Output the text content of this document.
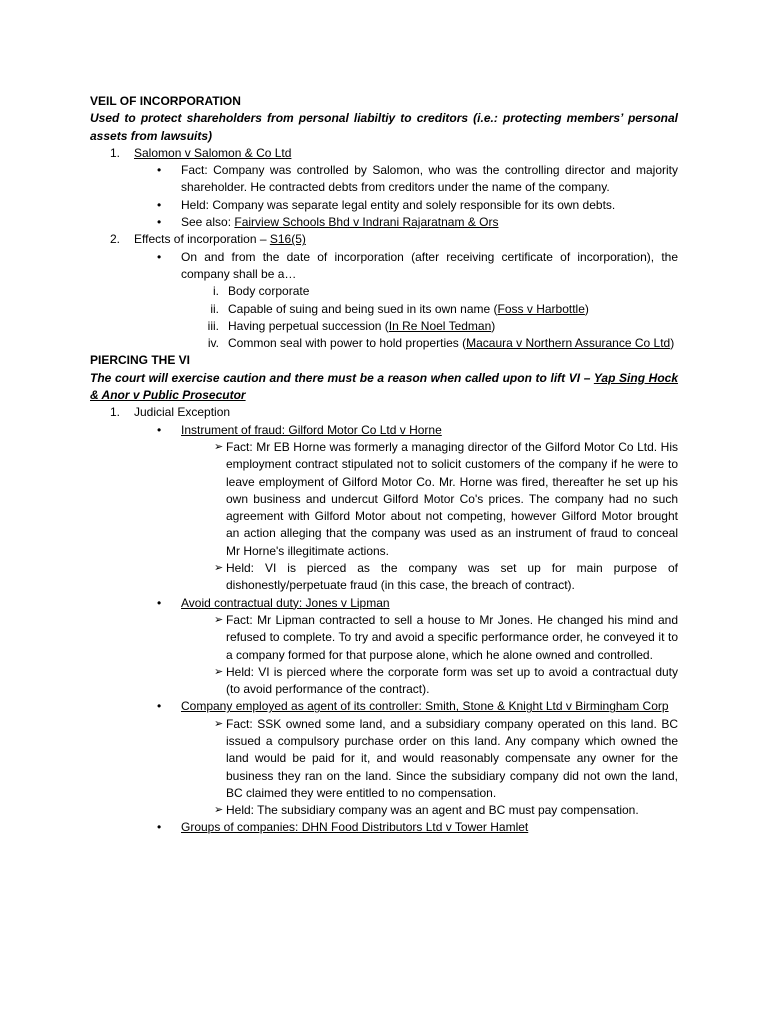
VEIL OF INCORPORATION

Used to protect shareholders from personal liabiltiy to creditors (i.e.: protecting members’ personal assets from lawsuits)

1. Salomon v Salomon & Co Ltd
• Fact: Company was controlled by Salomon, who was the controlling director and majority shareholder. He contracted debts from creditors under the name of the company.
• Held: Company was separate legal entity and solely responsible for its own debts.
• See also: Fairview Schools Bhd v Indrani Rajaratnam & Ors
2. Effects of incorporation – S16(5)
• On and from the date of incorporation (after receiving certificate of incorporation), the company shall be a…
i. Body corporate
ii. Capable of suing and being sued in its own name (Foss v Harbottle)
iii. Having perpetual succession (In Re Noel Tedman)
iv. Common seal with power to hold properties (Macaura v Northern Assurance Co Ltd)

PIERCING THE VI

The court will exercise caution and there must be a reason when called upon to lift VI – Yap Sing Hock & Anor v Public Prosecutor

1. Judicial Exception
• Instrument of fraud: Gilford Motor Co Ltd v Horne
➢ Fact: Mr EB Horne was formerly a managing director of the Gilford Motor Co Ltd. His employment contract stipulated not to solicit customers of the company if he were to leave employment of Gilford Motor Co. Mr. Horne was fired, thereafter he set up his own business and undercut Gilford Motor Co's prices. The company had no such agreement with Gilford Motor about not competing, however Gilford Motor brought an action alleging that the company was used as an instrument of fraud to conceal Mr Horne's illegitimate actions.
➢ Held: VI is pierced as the company was set up for main purpose of dishonestly/perpetuate fraud (in this case, the breach of contract).
• Avoid contractual duty: Jones v Lipman
➢ Fact: Mr Lipman contracted to sell a house to Mr Jones. He changed his mind and refused to complete. To try and avoid a specific performance order, he conveyed it to a company formed for that purpose alone, which he alone owned and controlled.
➢ Held: VI is pierced where the corporate form was set up to avoid a contractual duty (to avoid performance of the contract).
• Company employed as agent of its controller: Smith, Stone & Knight Ltd v Birmingham Corp
➢ Fact: SSK owned some land, and a subsidiary company operated on this land. BC issued a compulsory purchase order on this land. Any company which owned the land would be paid for it, and would reasonably compensate any owner for the business they ran on the land. Since the subsidiary company did not own the land, BC claimed they were entitled to no compensation.
➢ Held: The subsidiary company was an agent and BC must pay compensation.
• Groups of companies: DHN Food Distributors Ltd v Tower Hamlet
